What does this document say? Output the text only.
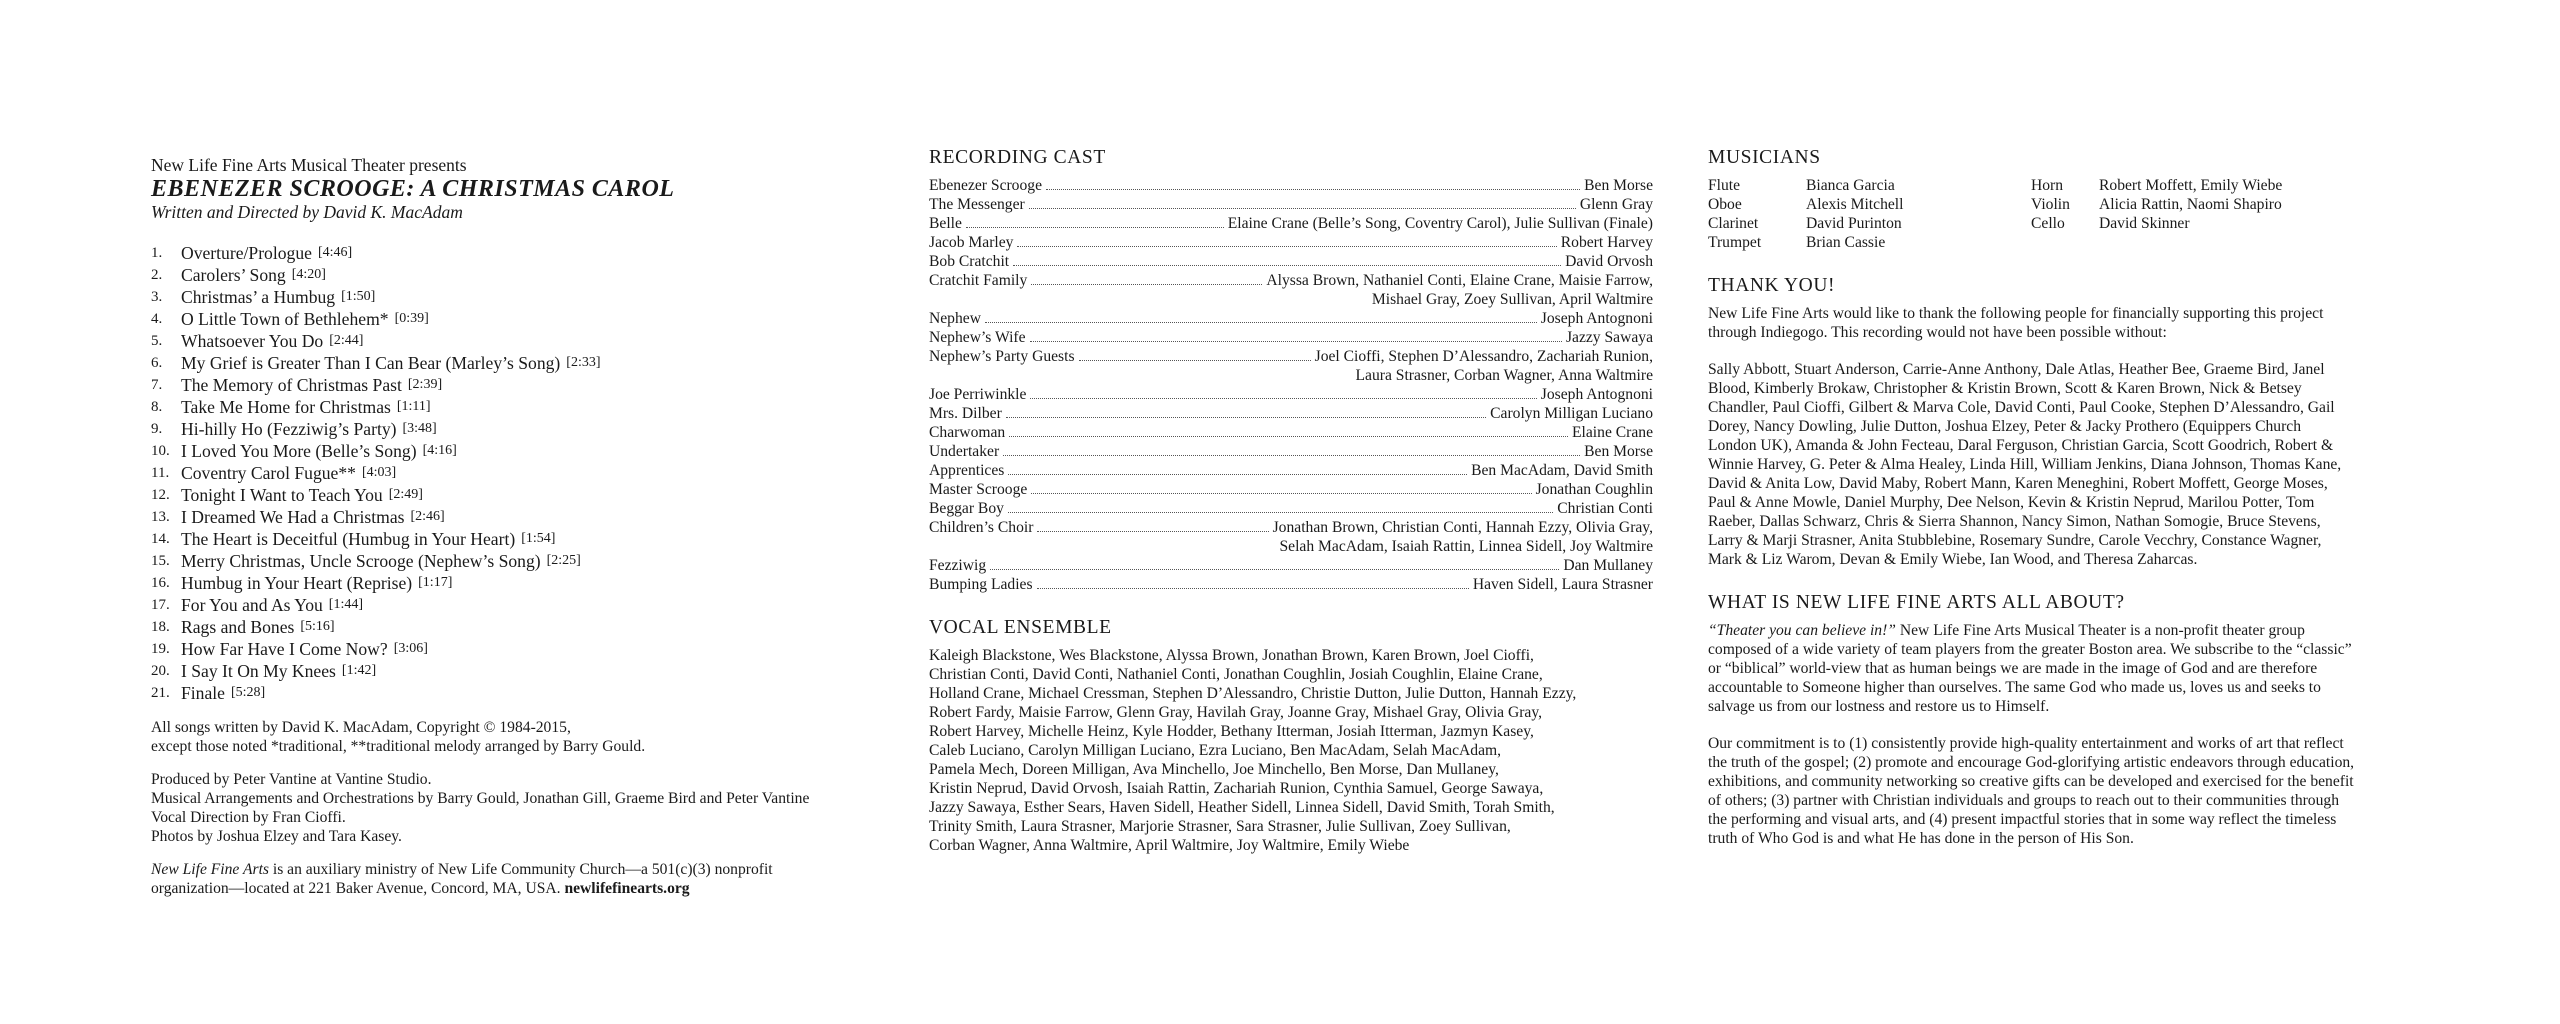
New Life Fine Arts Musical Theater presents
EBENEZER SCROOGE: A CHRISTMAS CAROL
Written and Directed by David K. MacAdam
1.	Overture/Prologue [4:46]
2.	Carolers’ Song [4:20]
3.	Christmas’ a Humbug [1:50]
4.	O Little Town of Bethlehem* [0:39]
5.	Whatsoever You Do [2:44]
6.	My Grief is Greater Than I Can Bear (Marley’s Song) [2:33]
7.	The Memory of Christmas Past [2:39]
8.	Take Me Home for Christmas [1:11]
9.	Hi-hilly Ho (Fezziwig’s Party) [3:48]
10. I Loved You More (Belle’s Song) [4:16]
11. Coventry Carol Fugue** [4:03]
12. Tonight I Want to Teach You [2:49]
13. I Dreamed We Had a Christmas [2:46]
14. The Heart is Deceitful (Humbug in Your Heart) [1:54]
15. Merry Christmas, Uncle Scrooge (Nephew’s Song) [2:25]
16. Humbug in Your Heart (Reprise) [1:17]
17. For You and As You [1:44]
18. Rags and Bones [5:16]
19. How Far Have I Come Now? [3:06]
20. I Say It On My Knees [1:42]
21. Finale [5:28]
All songs written by David K. MacAdam, Copyright © 1984-2015,
except those noted *traditional, **traditional melody arranged by Barry Gould.
Produced by Peter Vantine at Vantine Studio.
Musical Arrangements and Orchestrations by Barry Gould, Jonathan Gill, Graeme Bird and Peter Vantine
Vocal Direction by Fran Cioffi.
Photos by Joshua Elzey and Tara Kasey.
New Life Fine Arts is an auxiliary ministry of New Life Community Church—a 501(c)(3) nonprofit
organization—located at 221 Baker Avenue, Concord, MA, USA. newlifefinearts.org
RECORDING CAST
Ebenezer Scrooge	Ben Morse
The Messenger	Glenn Gray
Belle	Elaine Crane (Belle’s Song, Coventry Carol), Julie Sullivan (Finale)
Jacob Marley	Robert Harvey
Bob Cratchit	David Orvosh
Cratchit Family	Alyssa Brown, Nathaniel Conti, Elaine Crane, Maisie Farrow,
Mishael Gray, Zoey Sullivan, April Waltmire
Nephew	Joseph Antognoni
Nephew’s Wife	Jazzy Sawaya
Nephew’s Party Guests	Joel Cioffi, Stephen D’Alessandro, Zachariah Runion,
Laura Strasner, Corban Wagner, Anna Waltmire
Joe Perriwinkle	Joseph Antognoni
Mrs. Dilber	Carolyn Milligan Luciano
Charwoman	Elaine Crane
Undertaker	Ben Morse
Apprentices	Ben MacAdam, David Smith
Master Scrooge	Jonathan Coughlin
Beggar Boy	Christian Conti
Children’s Choir	Jonathan Brown, Christian Conti, Hannah Ezzy, Olivia Gray,
Selah MacAdam, Isaiah Rattin, Linnea Sidell, Joy Waltmire
Fezziwig	Dan Mullaney
Bumping Ladies	Haven Sidell, Laura Strasner
VOCAL ENSEMBLE
Kaleigh Blackstone, Wes Blackstone, Alyssa Brown, Jonathan Brown, Karen Brown, Joel Cioffi,
Christian Conti, David Conti, Nathaniel Conti, Jonathan Coughlin, Josiah Coughlin, Elaine Crane,
Holland Crane, Michael Cressman, Stephen D’Alessandro, Christie Dutton, Julie Dutton, Hannah Ezzy,
Robert Fardy, Maisie Farrow, Glenn Gray, Havilah Gray, Joanne Gray, Mishael Gray, Olivia Gray,
Robert Harvey, Michelle Heinz, Kyle Hodder, Bethany Itterman, Josiah Itterman, Jazmyn Kasey,
Caleb Luciano, Carolyn Milligan Luciano, Ezra Luciano, Ben MacAdam, Selah MacAdam,
Pamela Mech, Doreen Milligan, Ava Minchello, Joe Minchello, Ben Morse, Dan Mullaney,
Kristin Neprud, David Orvosh, Isaiah Rattin, Zachariah Runion, Cynthia Samuel, George Sawaya,
Jazzy Sawaya, Esther Sears, Haven Sidell, Heather Sidell, Linnea Sidell, David Smith, Torah Smith,
Trinity Smith, Laura Strasner, Marjorie Strasner, Sara Strasner, Julie Sullivan, Zoey Sullivan,
Corban Wagner, Anna Waltmire, April Waltmire, Joy Waltmire, Emily Wiebe
MUSICIANS
Flute	Bianca Garcia	Horn	Robert Moffett, Emily Wiebe
Oboe	Alexis Mitchell	Violin	Alicia Rattin, Naomi Shapiro
Clarinet	David Purinton	Cello	David Skinner
Trumpet	Brian Cassie
THANK YOU!
New Life Fine Arts would like to thank the following people for financially supporting this project
through Indiegogo. This recording would not have been possible without:
Sally Abbott, Stuart Anderson, Carrie-Anne Anthony, Dale Atlas, Heather Bee, Graeme Bird, Janel
Blood, Kimberly Brokaw, Christopher & Kristin Brown, Scott & Karen Brown, Nick & Betsey
Chandler, Paul Cioffi, Gilbert & Marva Cole, David Conti, Paul Cooke, Stephen D’Alessandro, Gail
Dorey, Nancy Dowling, Julie Dutton, Joshua Elzey, Peter & Jacky Prothero (Equippers Church
London UK), Amanda & John Fecteau, Daral Ferguson, Christian Garcia, Scott Goodrich, Robert &
Winnie Harvey, G. Peter & Alma Healey, Linda Hill, William Jenkins, Diana Johnson, Thomas Kane,
David & Anita Low, David Maby, Robert Mann, Karen Meneghini, Robert Moffett, George Moses,
Paul & Anne Mowle, Daniel Murphy, Dee Nelson, Kevin & Kristin Neprud, Marilou Potter, Tom
Raeber, Dallas Schwarz, Chris & Sierra Shannon, Nancy Simon, Nathan Somogie, Bruce Stevens,
Larry & Marji Strasner, Anita Stubblebine, Rosemary Sundre, Carole Vecchry, Constance Wagner,
Mark & Liz Warom, Devan & Emily Wiebe, Ian Wood, and Theresa Zaharcas.
WHAT IS NEW LIFE FINE ARTS ALL ABOUT?
“Theater you can believe in!” New Life Fine Arts Musical Theater is a non-profit theater group
composed of a wide variety of team players from the greater Boston area. We subscribe to the “classic”
or “biblical” world-view that as human beings we are made in the image of God and are therefore
accountable to Someone higher than ourselves. The same God who made us, loves us and seeks to
salvage us from our lostness and restore us to Himself.
Our commitment is to (1) consistently provide high-quality entertainment and works of art that reflect
the truth of the gospel; (2) promote and encourage God-glorifying artistic endeavors through education,
exhibitions, and community networking so creative gifts can be developed and exercised for the benefit
of others; (3) partner with Christian individuals and groups to reach out to their communities through
the performing and visual arts, and (4) present impactful stories that in some way reflect the timeless
truth of Who God is and what He has done in the person of His Son.
